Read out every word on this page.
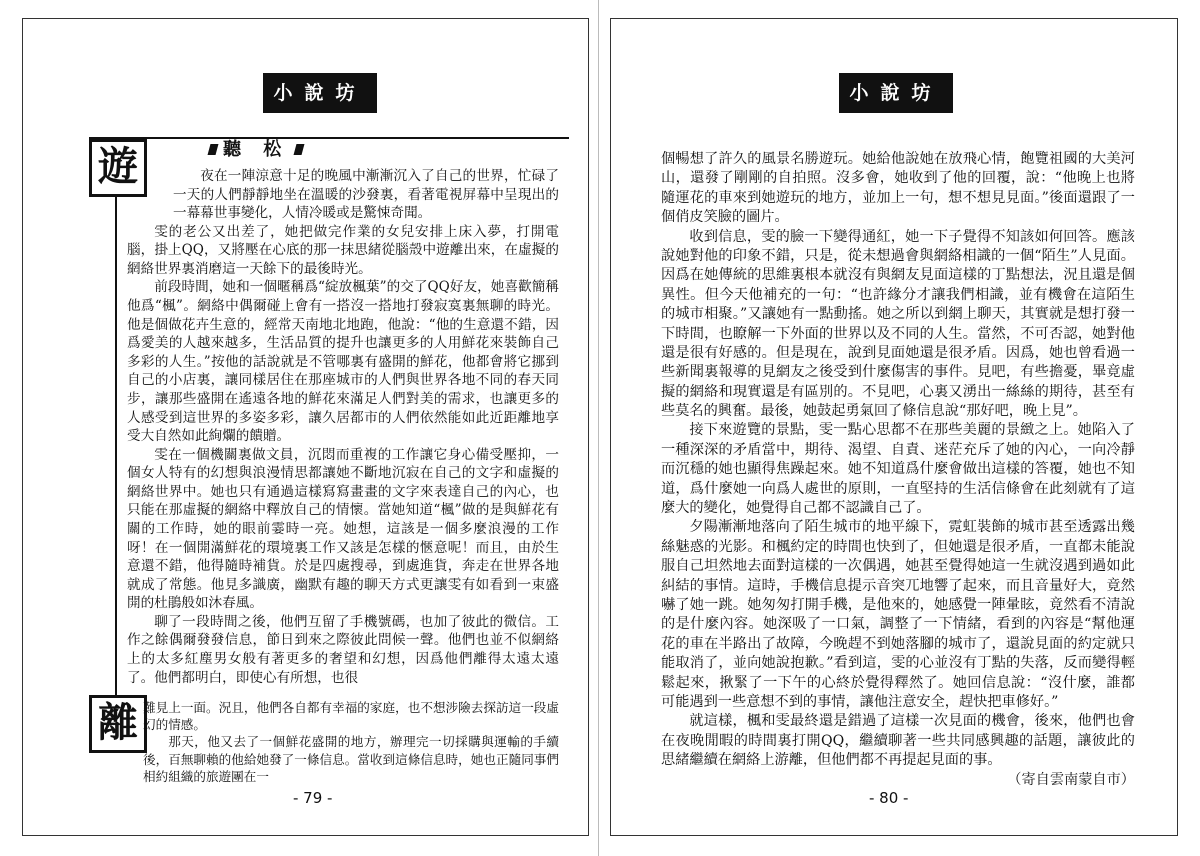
小說坊
聽 松
遊
離

夜在一陣涼意十足的晚風中漸漸沉入了自己的世界，忙碌了一天的人們靜靜地坐在溫暖的沙發裏，看著電視屏幕中呈現出的一幕幕世事變化，人情冷暖或是驚悚奇聞。

雯的老公又出差了，她把做完作業的女兒安排上床入夢，打開電腦，掛上QQ，又將壓在心底的那一抹思緒從腦殼中遊離出來，在虛擬的網絡世界裏消磨這一天餘下的最後時光。

前段時間，她和一個暱稱爲“綻放楓葉”的交了QQ好友，她喜歡簡稱他爲“楓”。網絡中偶爾碰上會有一搭沒一搭地打發寂寞裏無聊的時光。他是個做花卉生意的，經常天南地北地跑，他說：“他的生意還不錯，因爲愛美的人越來越多，生活品質的提升也讓更多的人用鮮花來裝飾自己多彩的人生。”按他的話說就是不管哪裏有盛開的鮮花，他都會將它挪到自己的小店裏，讓同樣居住在那座城市的人們與世界各地不同的春天同步，讓那些盛開在遙遠各地的鮮花來滿足人們對美的需求，也讓更多的人感受到這世界的多姿多彩，讓久居都市的人們依然能如此近距離地享受大自然如此絢爛的饋贈。

雯在一個機關裏做文員，沉悶而重複的工作讓它身心備受壓抑，一個女人特有的幻想與浪漫情思都讓她不斷地沉寂在自己的文字和虛擬的網絡世界中。她也只有通過這樣寫寫畫畫的文字來表達自己的內心，也只能在那虛擬的網絡中釋放自己的情懷。當她知道“楓”做的是與鮮花有關的工作時，她的眼前霎時一亮。她想，這該是一個多麼浪漫的工作呀！在一個開滿鮮花的環境裏工作又該是怎樣的愜意呢！而且，由於生意還不錯，他得隨時補貨。於是四處搜尋，到處進貨，奔走在世界各地就成了常態。他見多識廣，幽默有趣的聊天方式更讓雯有如看到一束盛開的杜鵑般如沐春風。

聊了一段時間之後，他們互留了手機號碼，也加了彼此的微信。工作之餘偶爾發發信息，節日到來之際彼此問候一聲。他們也並不似網絡上的太多紅塵男女般有著更多的奢望和幻想，因爲他們離得太遠太遠了。他們都明白，即使心有所想，也很

難見上一面。況且，他們各自都有幸福的家庭，也不想涉險去探訪這一段虛幻的情感。

那天，他又去了一個鮮花盛開的地方，辦理完一切採購與運輸的手續後，百無聊賴的他給她發了一條信息。當收到這條信息時，她也正隨同事們相約組織的旅遊團在一

- 79 -
小說坊

個暢想了許久的風景名勝遊玩。她給他說她在放飛心情，飽覽祖國的大美河山，還發了剛剛的自拍照。沒多會，她收到了他的回覆，說：“他晚上也將隨運花的車來到她遊玩的地方，並加上一句，想不想見見面。”後面還跟了一個俏皮笑臉的圖片。

收到信息，雯的臉一下變得通紅，她一下子覺得不知該如何回答。應該說她對他的印象不錯，只是，從未想過會與網絡相識的一個“陌生”人見面。因爲在她傳統的思維裏根本就沒有與網友見面這樣的丁點想法，況且還是個異性。但今天他補充的一句：“也許緣分才讓我們相識，並有機會在這陌生的城市相聚。”又讓她有一點動搖。她之所以到網上聊天，其實就是想打發一下時間，也瞭解一下外面的世界以及不同的人生。當然，不可否認，她對他還是很有好感的。但是現在，說到見面她還是很矛盾。因爲，她也曾看過一些新聞裏報導的見網友之後受到什麼傷害的事件。見吧，有些擔憂，畢竟虛擬的網絡和現實還是有區別的。不見吧，心裏又湧出一絲絲的期待，甚至有些莫名的興奮。最後，她鼓起勇氣回了條信息說“那好吧，晚上見”。

接下來遊覽的景點，雯一點心思都不在那些美麗的景緻之上。她陷入了一種深深的矛盾當中，期待、渴望、自責、迷茫充斥了她的內心，一向冷靜而沉穩的她也顯得焦躁起來。她不知道爲什麼會做出這樣的答覆，她也不知道，爲什麼她一向爲人處世的原則，一直堅持的生活信條會在此刻就有了這麼大的變化，她覺得自己都不認識自己了。

夕陽漸漸地落向了陌生城市的地平線下，霓虹裝飾的城市甚至透露出幾絲魅惑的光影。和楓約定的時間也快到了，但她還是很矛盾，一直都未能說服自己坦然地去面對這樣的一次偶遇，她甚至覺得她這一生就沒遇到過如此糾結的事情。這時，手機信息提示音突兀地響了起來，而且音量好大，竟然嚇了她一跳。她匆匆打開手機，是他來的，她感覺一陣暈眩，竟然看不清說的是什麼內容。她深吸了一口氣，調整了一下情緒，看到的內容是“幫他運花的車在半路出了故障，今晚趕不到她落腳的城市了，還說見面的約定就只能取消了，並向她說抱歉。”看到這，雯的心並沒有丁點的失落，反而變得輕鬆起來，揪緊了一下午的心終於覺得釋然了。她回信息說：“沒什麼，誰都可能遇到一些意想不到的事情，讓他注意安全，趕快把車修好。”

就這樣，楓和雯最終還是錯過了這樣一次見面的機會，後來，他們也會在夜晚閒暇的時間裏打開QQ，繼續聊著一些共同感興趣的話題，讓彼此的思緒繼續在網絡上游離，但他們都不再提起見面的事。

（寄自雲南蒙自市）

- 80 -
